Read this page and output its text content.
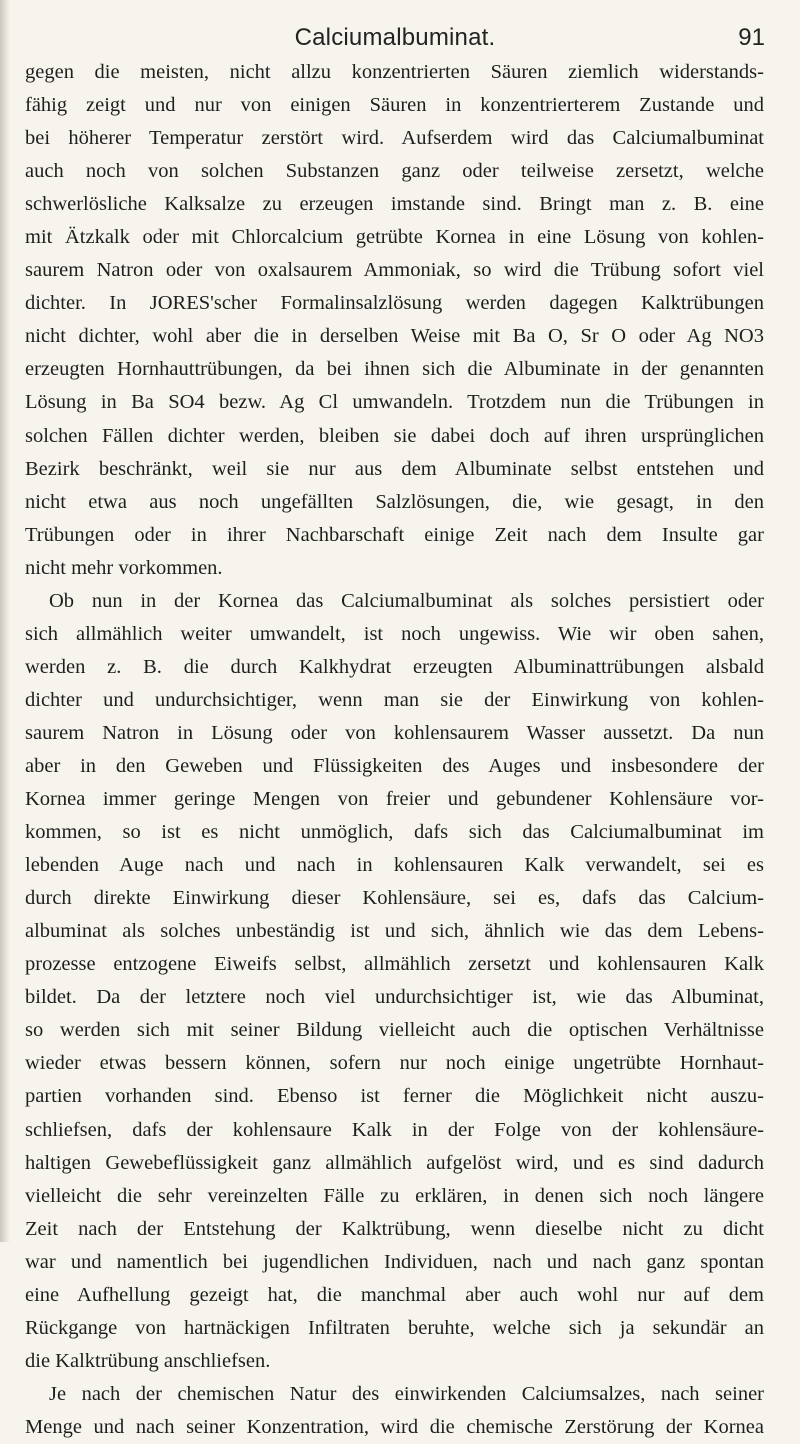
Calciumalbuminat.	91
gegen die meisten, nicht allzu konzentrierten Säuren ziemlich widerstands-
fähig zeigt und nur von einigen Säuren in konzentrierterem Zustande und
bei höherer Temperatur zerstört wird. Aufserdem wird das Calciumalbuminat
auch noch von solchen Substanzen ganz oder teilweise zersetzt, welche
schwerlösliche Kalksalze zu erzeugen imstande sind. Bringt man z. B. eine
mit Ätzkalk oder mit Chlorcalcium getrübte Kornea in eine Lösung von kohlen-
saurem Natron oder von oxalsaurem Ammoniak, so wird die Trübung sofort viel
dichter. In JORES'scher Formalinsalzlösung werden dagegen Kalktrübungen
nicht dichter, wohl aber die in derselben Weise mit Ba O, Sr O oder Ag NO3
erzeugten Hornhauttrübungen, da bei ihnen sich die Albuminate in der genannten
Lösung in Ba SO4 bezw. Ag Cl umwandeln. Trotzdem nun die Trübungen in
solchen Fällen dichter werden, bleiben sie dabei doch auf ihren ursprünglichen
Bezirk beschränkt, weil sie nur aus dem Albuminate selbst entstehen und
nicht etwa aus noch ungefällten Salzlösungen, die, wie gesagt, in den
Trübungen oder in ihrer Nachbarschaft einige Zeit nach dem Insulte gar
nicht mehr vorkommen.
Ob nun in der Kornea das Calciumalbuminat als solches persistiert oder
sich allmählich weiter umwandelt, ist noch ungewiss. Wie wir oben sahen,
werden z. B. die durch Kalkhydrat erzeugten Albuminattrübungen alsbald
dichter und undurchsichtiger, wenn man sie der Einwirkung von kohlen-
saurem Natron in Lösung oder von kohlensaurem Wasser aussetzt. Da nun
aber in den Geweben und Flüssigkeiten des Auges und insbesondere der
Kornea immer geringe Mengen von freier und gebundener Kohlensäure vor-
kommen, so ist es nicht unmöglich, dafs sich das Calciumalbuminat im
lebenden Auge nach und nach in kohlensauren Kalk verwandelt, sei es
durch direkte Einwirkung dieser Kohlensäure, sei es, dafs das Calcium-
albuminat als solches unbeständig ist und sich, ähnlich wie das dem Lebens-
prozesse entzogene Eiweifs selbst, allmählich zersetzt und kohlensauren Kalk
bildet. Da der letztere noch viel undurchsichtiger ist, wie das Albuminat,
so werden sich mit seiner Bildung vielleicht auch die optischen Verhältnisse
wieder etwas bessern können, sofern nur noch einige ungetrübte Hornhaut-
partien vorhanden sind. Ebenso ist ferner die Möglichkeit nicht auszu-
schliefsen, dafs der kohlensaure Kalk in der Folge von der kohlensäure-
haltigen Gewebeflüssigkeit ganz allmählich aufgelöst wird, und es sind dadurch
vielleicht die sehr vereinzelten Fälle zu erklären, in denen sich noch längere
Zeit nach der Entstehung der Kalktrübung, wenn dieselbe nicht zu dicht
war und namentlich bei jugendlichen Individuen, nach und nach ganz spontan
eine Aufhellung gezeigt hat, die manchmal aber auch wohl nur auf dem
Rückgange von hartnäckigen Infiltraten beruhte, welche sich ja sekundär an
die Kalktrübung anschliefsen.
Je nach der chemischen Natur des einwirkenden Calciumsalzes, nach seiner
Menge und nach seiner Konzentration, wird die chemische Zerstörung der Kornea
